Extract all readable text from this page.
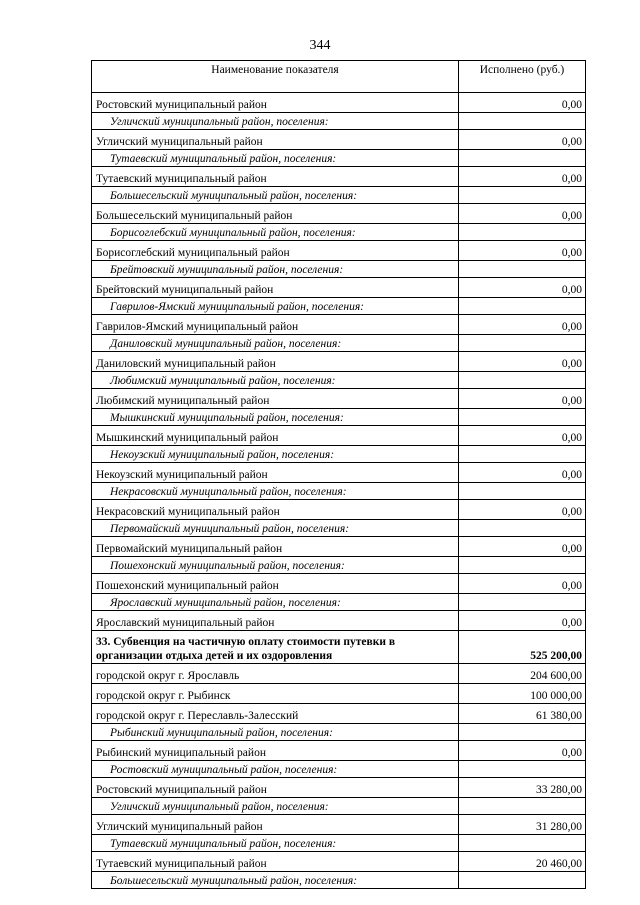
344
Наименование показателя	Исполнено (руб.)
Ростовский муниципальный район	0,00
Угличский муниципальный район, поселения:	
Угличский муниципальный район	0,00
Тутаевский муниципальный район, поселения:	
Тутаевский муниципальный район	0,00
Большесельский муниципальный район, поселения:	
Большесельский муниципальный район	0,00
Борисоглебский муниципальный район, поселения:	
Борисоглебский муниципальный район	0,00
Брейтовский муниципальный район, поселения:	
Брейтовский муниципальный район	0,00
Гаврилов-Ямский муниципальный район, поселения:	
Гаврилов-Ямский муниципальный район	0,00
Даниловский муниципальный район, поселения:	
Даниловский муниципальный район	0,00
Любимский муниципальный район, поселения:	
Любимский муниципальный район	0,00
Мышкинский муниципальный район, поселения:	
Мышкинский муниципальный район	0,00
Некоузский муниципальный район, поселения:	
Некоузский муниципальный район	0,00
Некрасовский муниципальный район, поселения:	
Некрасовский муниципальный район	0,00
Первомайский муниципальный район, поселения:	
Первомайский муниципальный район	0,00
Пошехонский муниципальный район, поселения:	
Пошехонский муниципальный район	0,00
Ярославский муниципальный район, поселения:	
Ярославский муниципальный район	0,00
33. Субвенция на частичную оплату стоимости путевки в организации отдыха детей и их оздоровления	525 200,00
городской округ г. Ярославль	204 600,00
городской округ г. Рыбинск	100 000,00
городской округ г. Переславль-Залесский	61 380,00
Рыбинский муниципальный район, поселения:	
Рыбинский муниципальный район	0,00
Ростовский муниципальный район, поселения:	
Ростовский муниципальный район	33 280,00
Угличский муниципальный район, поселения:	
Угличский муниципальный район	31 280,00
Тутаевский муниципальный район, поселения:	
Тутаевский муниципальный район	20 460,00
Большесельский муниципальный район, поселения:	
